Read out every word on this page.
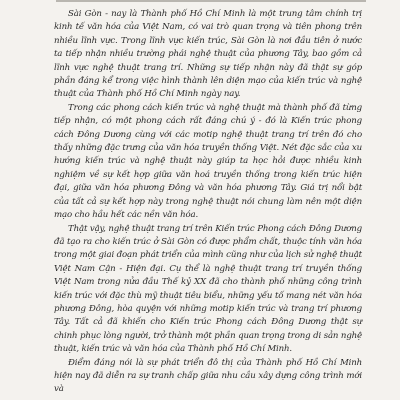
Sài Gòn - nay là Thành phố Hồ Chí Minh là một trung tâm chính trị kinh tế văn hóa của Việt Nam, có vai trò quan trọng và tiên phong trên nhiều lĩnh vực. Trong lĩnh vực kiến trúc, Sài Gòn là nơi đầu tiên ở nước ta tiếp nhận nhiều trường phái nghệ thuật của phương Tây, bao gồm cả lĩnh vực nghệ thuật trang trí. Những sự tiếp nhận này đã thật sự góp phần đáng kể trong việc hình thành lên diện mạo của kiến trúc và nghệ thuật của Thành phố Hồ Chí Minh ngày nay.

Trong các phong cách kiến trúc và nghệ thuật mà thành phố đã từng tiếp nhận, có một phong cách rất đáng chú ý - đó là Kiến trúc phong cách Đông Dương cùng với các motip nghệ thuật trang trí trên đó cho thấy những đặc trưng của văn hóa truyền thống Việt. Nét đặc sắc của xu hướng kiến trúc và nghệ thuật này giúp ta học hỏi được nhiều kinh nghiệm về sự kết hợp giữa văn hoá truyền thống trong kiến trúc hiện đại, giữa văn hóa phương Đông và văn hóa phương Tây. Giá trị nổi bật của tất cả sự kết hợp này trong nghệ thuật nói chung làm nên một diện mạo cho hầu hết các nền văn hóa.

Thật vậy, nghệ thuật trang trí trên Kiến trúc Phong cách Đông Dương đã tạo ra cho kiến trúc ở Sài Gòn có được phẩm chất, thuộc tính văn hóa trong một giai đoạn phát triển của mình cũng như của lịch sử nghệ thuật Việt Nam Cận - Hiện đại. Cụ thể là nghệ thuật trang trí truyền thống Việt Nam trong nửa đầu Thế kỷ XX đã cho thành phố những công trình kiến trúc với đặc thù mỹ thuật tiêu biểu, những yếu tố mang nét văn hóa phương Đông, hòa quyện với những motip kiến trúc và trang trí phương Tây. Tất cả đã khiến cho Kiến trúc Phong cách Đông Dương thật sự chinh phục lòng người, trở thành một phần quan trọng trong di sản nghệ thuật, kiến trúc và văn hóa của Thành phố Hồ Chí Minh.

Điểm đáng nói là sự phát triển đô thị của Thành phố Hồ Chí Minh hiện nay đã diễn ra sự tranh chấp giữa nhu cầu xây dựng công trình mới và
